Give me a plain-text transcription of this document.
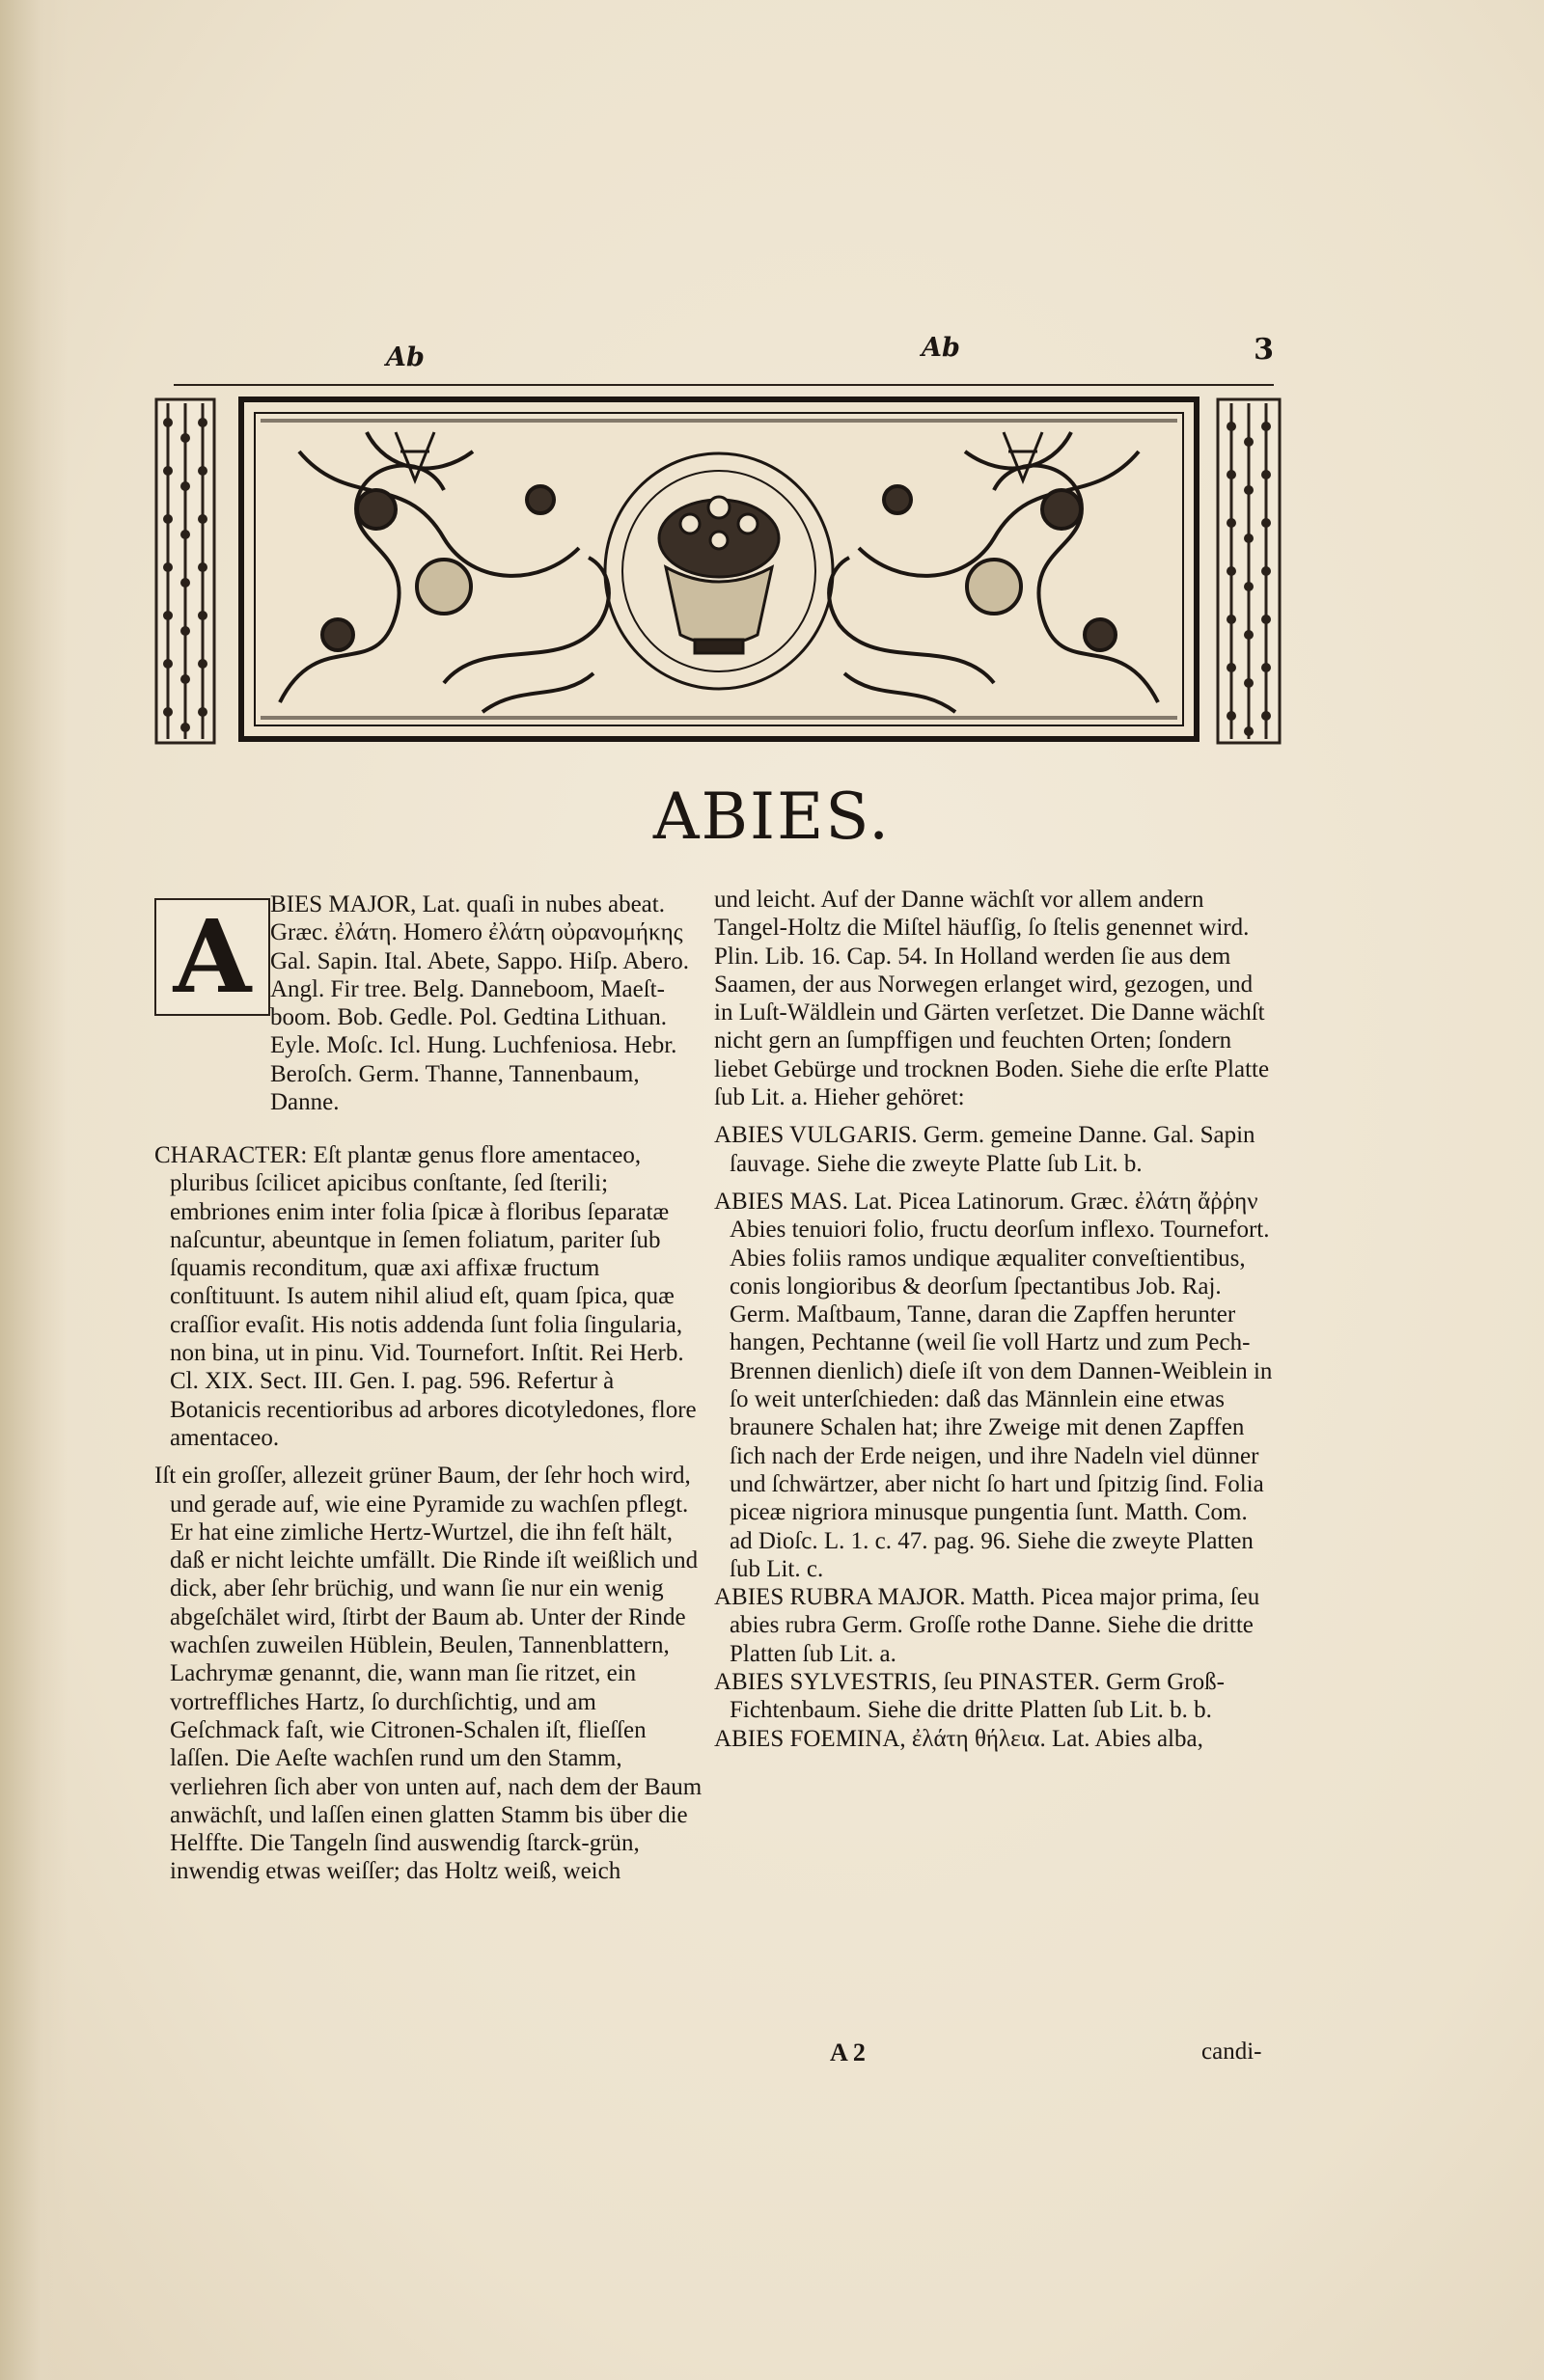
Ab	Ab	3
ABIES.
A BIES MAJOR, Lat. quaſi in nubes abeat. Græc. ἐλάτη. Homero ἐλάτη οὐρανομήκης Gal. Sapin. Ital. Abete, Sappo. Hiſp. Abero. Angl. Fir tree. Belg. Danneboom, Maeſt-boom. Bob. Gedle. Pol. Gedtina Lithuan. Eyle. Moſc. Icl. Hung. Luchfeniosa. Hebr. Beroſch. Germ. Thanne, Tannenbaum, Danne.

CHARACTER: Eſt plantæ genus flore amentaceo, pluribus ſcilicet apicibus conſtante, ſed ſterili; embriones enim inter folia ſpicæ à floribus ſeparatæ naſcuntur, abeuntque in ſemen foliatum, pariter ſub ſquamis reconditum, quæ axi affixæ fructum conſtituunt. Is autem nihil aliud eſt, quam ſpica, quæ craſſior evaſit. His notis addenda ſunt folia ſingularia, non bina, ut in pinu. Vid. Tournefort. Inſtit. Rei Herb. Cl. XIX. Sect. III. Gen. I. pag. 596. Refertur à Botanicis recentioribus ad arbores dicotyledones, flore amentaceo.

Iſt ein groſſer, allezeit grüner Baum, der ſehr hoch wird, und gerade auf, wie eine Pyramide zu wachſen pflegt. Er hat eine zimliche Hertz-Wurtzel, die ihn feſt hält, daß er nicht leichte umfällt. Die Rinde iſt weißlich und dick, aber ſehr brüchig, und wann ſie nur ein wenig abgeſchälet wird, ſtirbt der Baum ab. Unter der Rinde wachſen zuweilen Hüblein, Beulen, Tannenblattern, Lachrymæ genannt, die, wann man ſie ritzet, ein vortreffliches Hartz, ſo durchſichtig, und am Geſchmack faſt, wie Citronen-Schalen iſt, flieſſen laſſen. Die Aeſte wachſen rund um den Stamm, verliehren ſich aber von unten auf, nach dem der Baum anwächſt, und laſſen einen glatten Stamm bis über die Helffte. Die Tangeln ſind auswendig ſtarck-grün, inwendig etwas weiſſer; das Holtz weiß, weich

und leicht. Auf der Danne wächſt vor allem andern Tangel-Holtz die Miſtel häufſig, ſo ſtelis genennet wird. Plin. Lib. 16. Cap. 54. In Holland werden ſie aus dem Saamen, der aus Norwegen erlanget wird, gezogen, und in Luſt-Wäldlein und Gärten verſetzet. Die Danne wächſt nicht gern an ſumpffigen und feuchten Orten; ſondern liebet Gebürge und trocknen Boden. Siehe die erſte Platte ſub Lit. a. Hieher gehöret:

ABIES VULGARIS. Germ. gemeine Danne. Gal. Sapin ſauvage. Siehe die zweyte Platte ſub Lit. b.

ABIES MAS. Lat. Picea Latinorum. Græc. ἐλάτη ἄῤῥην Abies tenuiori folio, fructu deorſum inflexo. Tournefort. Abies foliis ramos undique æqualiter conveſtientibus, conis longioribus & deorſum ſpectantibus Job. Raj. Germ. Maſtbaum, Tanne, daran die Zapffen herunter hangen, Pechtanne (weil ſie voll Hartz und zum Pech-Brennen dienlich) dieſe iſt von dem Dannen-Weiblein in ſo weit unterſchieden: daß das Männlein eine etwas braunere Schalen hat; ihre Zweige mit denen Zapffen ſich nach der Erde neigen, und ihre Nadeln viel dünner und ſchwärtzer, aber nicht ſo hart und ſpitzig ſind. Folia piceæ nigriora minusque pungentia ſunt. Matth. Com. ad Dioſc. L. 1. c. 47. pag. 96. Siehe die zweyte Platten ſub Lit. c.

ABIES RUBRA MAJOR. Matth. Picea major prima, ſeu abies rubra Germ. Groſſe rothe Danne. Siehe die dritte Platten ſub Lit. a.

ABIES SYLVESTRIS, ſeu PINASTER. Germ Groß-Fichtenbaum. Siehe die dritte Platten ſub Lit. b. b.

ABIES FOEMINA, ἐλάτη θήλεια. Lat. Abies alba,

A 2	candi-
